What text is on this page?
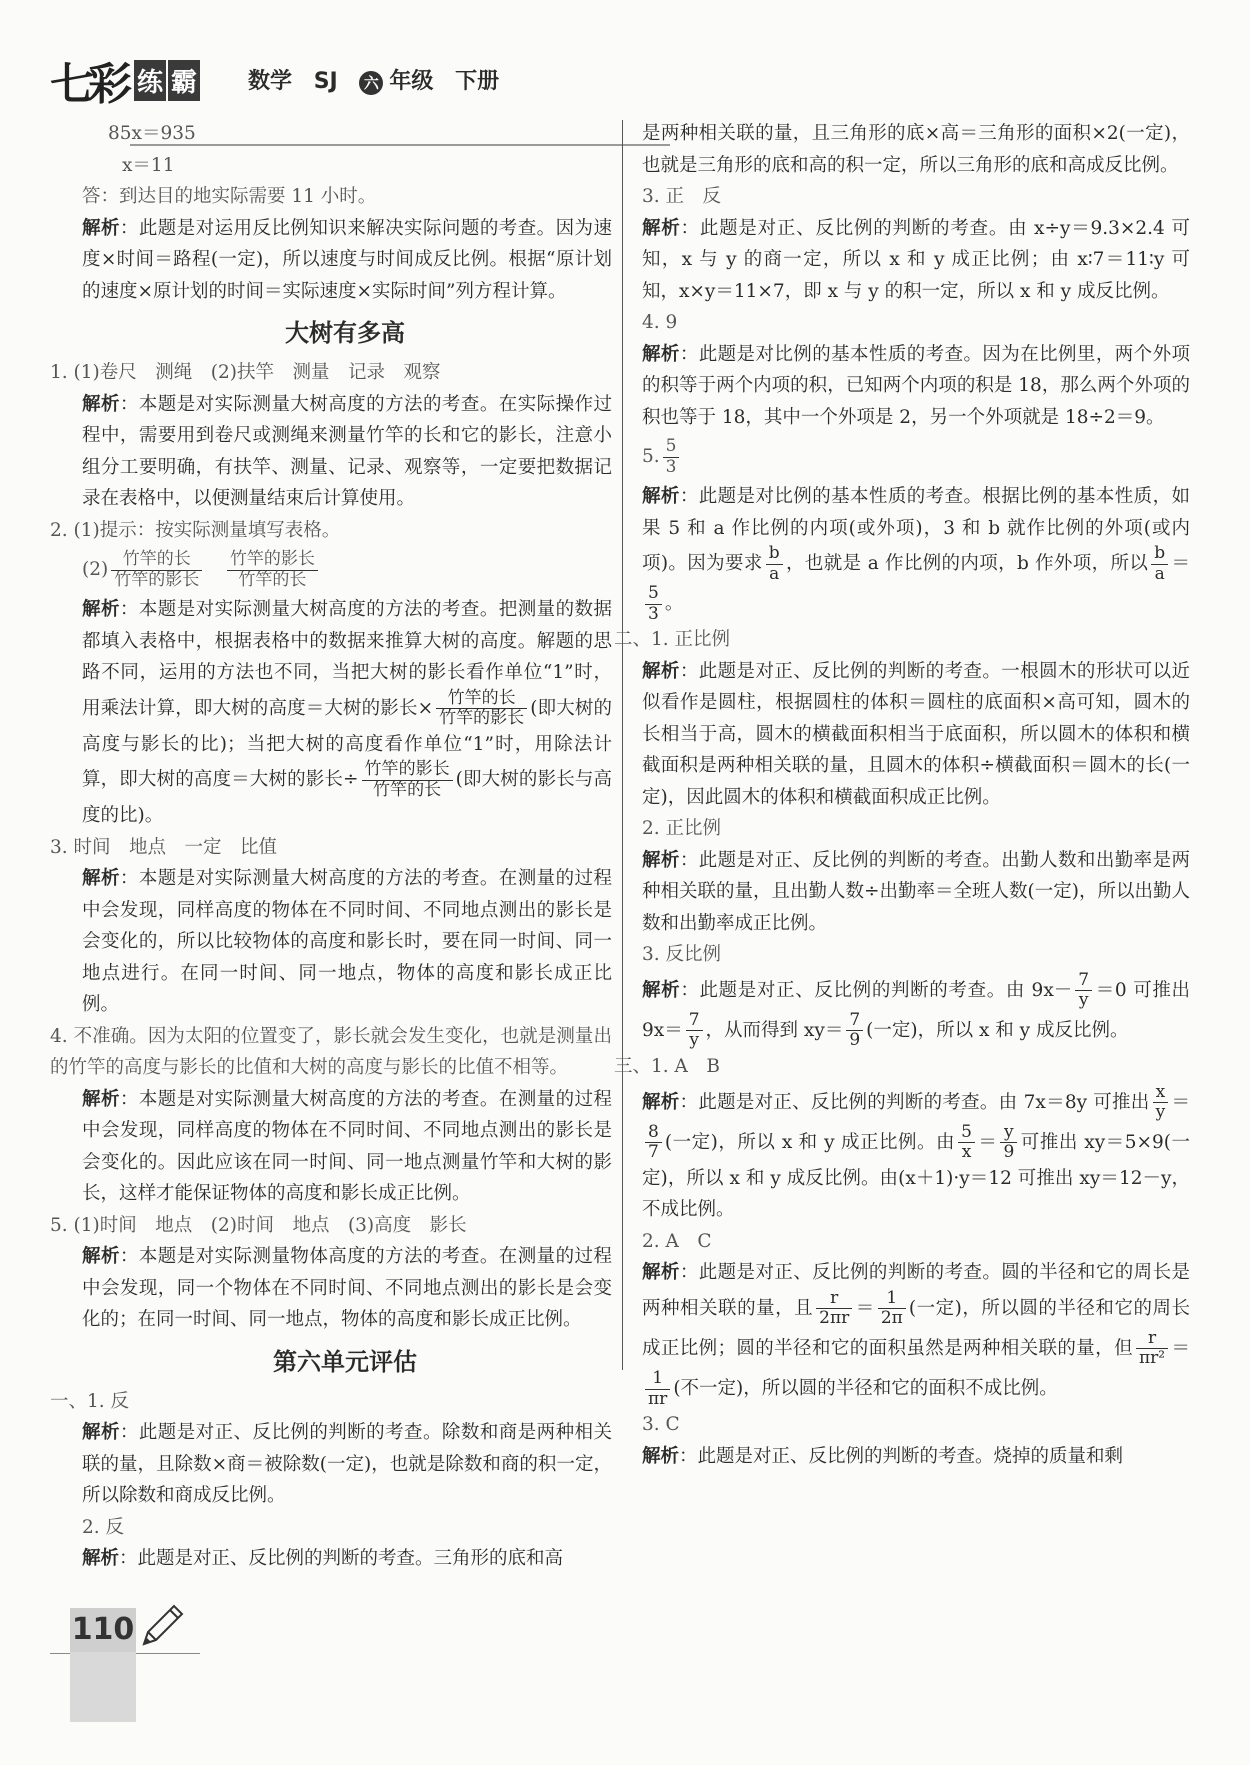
七彩 练 霸 数学 SJ 六 年级 下册

85x＝935

x＝11

答：到达目的地实际需要 11 小时。

解析：此题是对运用反比例知识来解决实际问题的考查。因为速度×时间＝路程(一定)，所以速度与时间成反比例。根据“原计划的速度×原计划的时间＝实际速度×实际时间”列方程计算。

大树有多高

1. (1)卷尺　测绳　(2)扶竿　测量　记录　观察

解析：本题是对实际测量大树高度的方法的考查。在实际操作过程中，需要用到卷尺或测绳来测量竹竿的长和它的影长，注意小组分工要明确，有扶竿、测量、记录、观察等，一定要把数据记录在表格中，以便测量结束后计算使用。

2. (1)提示：按实际测量填写表格。

$(2) \frac{\text{竹竿的长}}{\text{竹竿的影长}}$
　 $\frac{\text{竹竿的影长}}{\text{竹竿的长}}$

解析：本题是对实际测量大树高度的方法的考查。把测量的数据都填入表格中，根据表格中的数据来推算大树的高度。解题的思路不同，运用的方法也不同，当把大树的影长看作单位“1”时，用乘法计算，即大树的高度＝大树的影长× $\frac{\text{竹竿的长}}{\text{竹竿的影长}}$ (即大树的高度与影长的比)；当把大树的高度看作单位“1”时，用除法计算，即大树的高度＝大树的影长÷ $\frac{\text{竹竿的影长}}{\text{竹竿的长}}$ (即大树的影长与高度的比)。

3. 时间　地点　一定　比值

解析：本题是对实际测量大树高度的方法的考查。在测量的过程中会发现，同样高度的物体在不同时间、不同地点测出的影长是会变化的，所以比较物体的高度和影长时，要在同一时间、同一地点进行。在同一时间、同一地点，物体的高度和影长成正比例。

4. 不准确。因为太阳的位置变了，影长就会发生变化，也就是测量出的竹竿的高度与影长的比值和大树的高度与影长的比值不相等。

解析：本题是对实际测量大树高度的方法的考查。在测量的过程中会发现，同样高度的物体在不同时间、不同地点测出的影长是会变化的。因此应该在同一时间、同一地点测量竹竿和大树的影长，这样才能保证物体的高度和影长成正比例。

5. (1)时间　地点　(2)时间　地点　(3)高度　影长

解析：本题是对实际测量物体高度的方法的考查。在测量的过程中会发现，同一个物体在不同时间、不同地点测出的影长是会变化的；在同一时间、同一地点，物体的高度和影长成正比例。

第六单元评估

一、1. 反

解析：此题是对正、反比例的判断的考查。除数和商是两种相关联的量，且除数×商＝被除数(一定)，也就是除数和商的积一定，所以除数和商成反比例。

2. 反

解析：此题是对正、反比例的判断的考查。三角形的底和高

是两种相关联的量，且三角形的底×高＝三角形的面积×2(一定)，也就是三角形的底和高的积一定，所以三角形的底和高成反比例。

3. 正　反

解析：此题是对正、反比例的判断的考查。由 x÷y＝9.3×2.4 可知，x 与 y 的商一定，所以 x 和 y 成正比例；由 x∶7＝11∶y 可知，x×y＝11×7，即 x 与 y 的积一定，所以 x 和 y 成反比例。

4. 9

解析：此题是对比例的基本性质的考查。因为在比例里，两个外项的积等于两个内项的积，已知两个内项的积是 18，那么两个外项的积也等于 18，其中一个外项是 2，另一个外项就是 18÷2＝9。

5. $\frac{5}{3}$

解析：此题是对比例的基本性质的考查。根据比例的基本性质，如果 5 和 a 作比例的内项(或外项)，3 和 b 就作比例的外项(或内项)。因为要求 $\frac{b}{a}$ ，也就是 a 作比例的内项，b 作外项，所以 $\frac{b}{a}$ ＝
$\frac{5}{3}$ 。

二、1. 正比例

解析：此题是对正、反比例的判断的考查。一根圆木的形状可以近似看作是圆柱，根据圆柱的体积＝圆柱的底面积×高可知，圆木的长相当于高，圆木的横截面积相当于底面积，所以圆木的体积和横截面积是两种相关联的量，且圆木的体积÷横截面积＝圆木的长(一定)，因此圆木的体积和横截面积成正比例。

2. 正比例

解析：此题是对正、反比例的判断的考查。出勤人数和出勤率是两种相关联的量，且出勤人数÷出勤率＝全班人数(一定)，所以出勤人数和出勤率成正比例。

3. 反比例

解析：此题是对正、反比例的判断的考查。由 $9x- \frac{7}{y} =0$ 可推出 $9x= \frac{7}{y}$ ，从而得到 $xy= \frac{7}{9}$ (一定)，所以 x 和 y 成反比例。

三、1. A　B

解析：此题是对正、反比例的判断的考查。由 7x＝8y 可推出 $\frac{x}{y}$ ＝
$\frac{8}{7}$ (一定)，所以 x 和 y 成正比例。由 $\frac{5}{x} = \frac{y}{9}$ 可推出 xy＝5×9(一定)，所以 x 和 y 成反比例。由(x＋1)·y＝12 可推出 xy＝12－y，不成比例。

2. A　C

解析：此题是对正、反比例的判断的考查。圆的半径和它的周长是两种相关联的量，且 $\frac{r}{2\pi r} = \frac{1}{2\pi}$ (一定)，所以圆的半径和它的周长成正比例；圆的半径和它的面积虽然是两种相关联的量，但 $\frac{r}{\text{πr²}}$ ＝
$\frac{1}{\pi r}$ (不一定)，所以圆的半径和它的面积不成比例。

3. C

解析：此题是对正、反比例的判断的考查。烧掉的质量和剩

110
